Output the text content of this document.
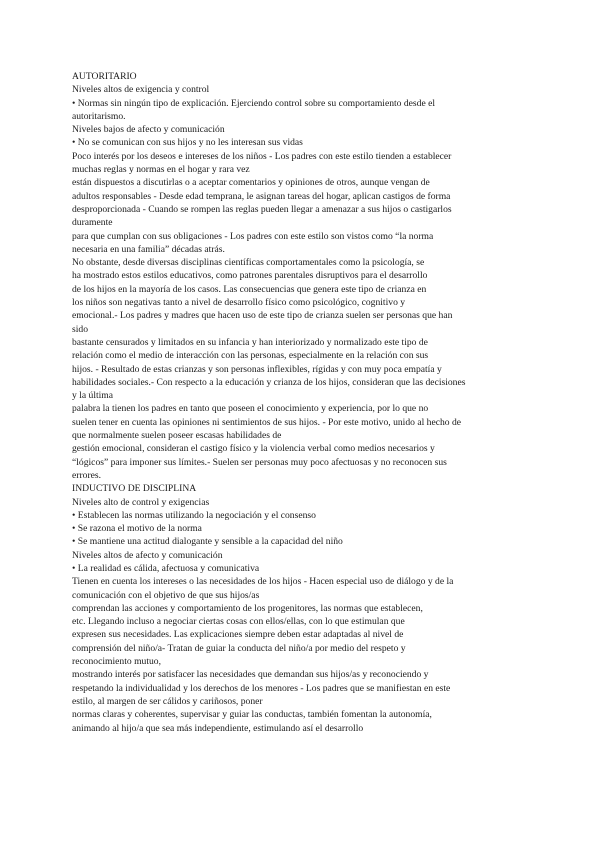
AUTORITARIO
Niveles altos de exigencia y control
• Normas sin ningún tipo de explicación. Ejerciendo control sobre su comportamiento desde el
autoritarismo.
Niveles bajos de afecto y comunicación
• No se comunican con sus hijos y no les interesan sus vidas
Poco interés por los deseos e intereses de los niños - Los padres con este estilo tienden a establecer
muchas reglas y normas en el hogar y rara vez
están dispuestos a discutirlas o a aceptar comentarios y opiniones de otros, aunque vengan de
adultos responsables - Desde edad temprana, le asignan tareas del hogar, aplican castigos de forma
desproporcionada - Cuando se rompen las reglas pueden llegar a amenazar a sus hijos o castigarlos
duramente
para que cumplan con sus obligaciones - Los padres con este estilo son vistos como “la norma
necesaria en una familia” décadas atrás.
No obstante, desde diversas disciplinas científicas comportamentales como la psicología, se
ha mostrado estos estilos educativos, como patrones parentales disruptivos para el desarrollo
de los hijos en la mayoría de los casos. Las consecuencias que genera este tipo de crianza en
los niños son negativas tanto a nivel de desarrollo físico como psicológico, cognitivo y
emocional.- Los padres y madres que hacen uso de este tipo de crianza suelen ser personas que han
sido
bastante censurados y limitados en su infancia y han interiorizado y normalizado este tipo de
relación como el medio de interacción con las personas, especialmente en la relación con sus
hijos. - Resultado de estas crianzas y son personas inflexibles, rígidas y con muy poca empatía y
habilidades sociales.- Con respecto a la educación y crianza de los hijos, consideran que las decisiones
y la última
palabra la tienen los padres en tanto que poseen el conocimiento y experiencia, por lo que no
suelen tener en cuenta las opiniones ni sentimientos de sus hijos. - Por este motivo, unido al hecho de
que normalmente suelen poseer escasas habilidades de
gestión emocional, consideran el castigo físico y la violencia verbal como medios necesarios y
“lógicos” para imponer sus límites.- Suelen ser personas muy poco afectuosas y no reconocen sus
errores.
INDUCTIVO DE DISCIPLINA
Niveles alto de control y exigencias
• Establecen las normas utilizando la negociación y el consenso
• Se razona el motivo de la norma
• Se mantiene una actitud dialogante y sensible a la capacidad del niño
Niveles altos de afecto y comunicación
• La realidad es cálida, afectuosa y comunicativa
Tienen en cuenta los intereses o las necesidades de los hijos - Hacen especial uso de diálogo y de la
comunicación con el objetivo de que sus hijos/as
comprendan las acciones y comportamiento de los progenitores, las normas que establecen,
etc. Llegando incluso a negociar ciertas cosas con ellos/ellas, con lo que estimulan que
expresen sus necesidades. Las explicaciones siempre deben estar adaptadas al nivel de
comprensión del niño/a- Tratan de guiar la conducta del niño/a por medio del respeto y
reconocimiento mutuo,
mostrando interés por satisfacer las necesidades que demandan sus hijos/as y reconociendo y
respetando la individualidad y los derechos de los menores - Los padres que se manifiestan en este
estilo, al margen de ser cálidos y cariñosos, poner
normas claras y coherentes, supervisar y guiar las conductas, también fomentan la autonomía,
animando al hijo/a que sea más independiente, estimulando así el desarrollo
